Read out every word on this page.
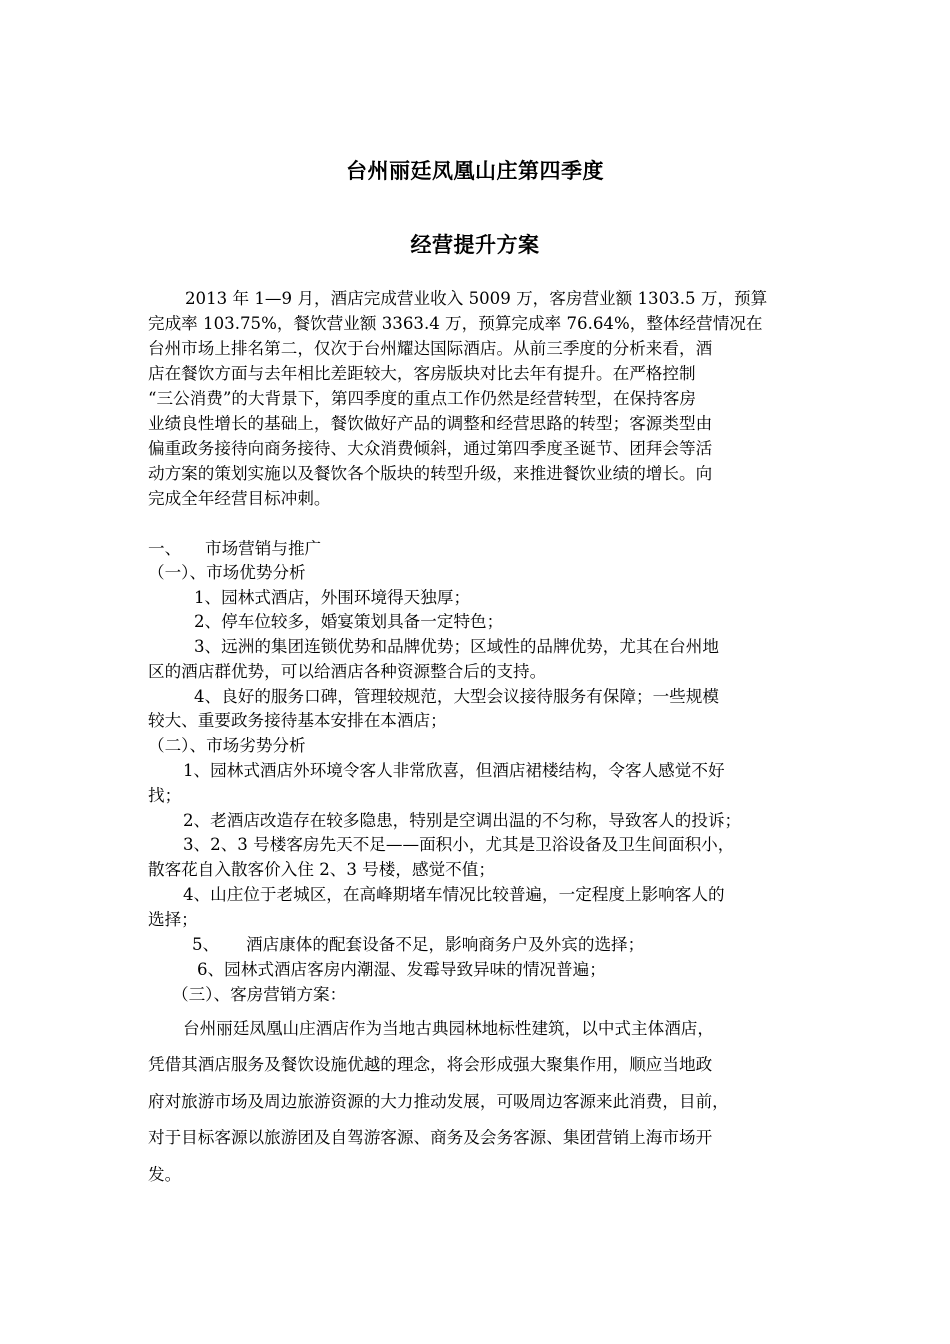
台州丽廷凤凰山庄第四季度
经营提升方案
2013 年 1—9 月，酒店完成营业收入 5009 万，客房营业额 1303.5 万，预算
完成率 103.75%，餐饮营业额 3363.4 万，预算完成率 76.64%，整体经营情况在
台州市场上排名第二，仅次于台州耀达国际酒店。从前三季度的分析来看，酒
店在餐饮方面与去年相比差距较大，客房版块对比去年有提升。在严格控制
“三公消费”的大背景下，第四季度的重点工作仍然是经营转型，在保持客房
业绩良性增长的基础上，餐饮做好产品的调整和经营思路的转型；客源类型由
偏重政务接待向商务接待、大众消费倾斜，通过第四季度圣诞节、团拜会等活
动方案的策划实施以及餐饮各个版块的转型升级，来推进餐饮业绩的增长。向
完成全年经营目标冲刺。
一、 市场营销与推广
（一）、市场优势分析
1、园林式酒店，外围环境得天独厚；
2、停车位较多，婚宴策划具备一定特色；
3、远洲的集团连锁优势和品牌优势；区域性的品牌优势，尤其在台州地
区的酒店群优势，可以给酒店各种资源整合后的支持。
4、良好的服务口碑，管理较规范，大型会议接待服务有保障；一些规模
较大、重要政务接待基本安排在本酒店；
（二）、市场劣势分析
1、园林式酒店外环境令客人非常欣喜，但酒店裙楼结构，令客人感觉不好
找；
2、老酒店改造存在较多隐患，特别是空调出温的不匀称，导致客人的投诉；
3、2、3 号楼客房先天不足——面积小，尤其是卫浴设备及卫生间面积小，
散客花自入散客价入住 2、3 号楼，感觉不值；
4、山庄位于老城区，在高峰期堵车情况比较普遍，一定程度上影响客人的
选择；
5、 酒店康体的配套设备不足，影响商务户及外宾的选择；
6、园林式酒店客房内潮湿、发霉导致异味的情况普遍；
（三）、客房营销方案：
台州丽廷凤凰山庄酒店作为当地古典园林地标性建筑，以中式主体酒店，
凭借其酒店服务及餐饮设施优越的理念，将会形成强大聚集作用，顺应当地政
府对旅游市场及周边旅游资源的大力推动发展，可吸周边客源来此消费，目前，
对于目标客源以旅游团及自驾游客源、商务及会务客源、集团营销上海市场开
发。
